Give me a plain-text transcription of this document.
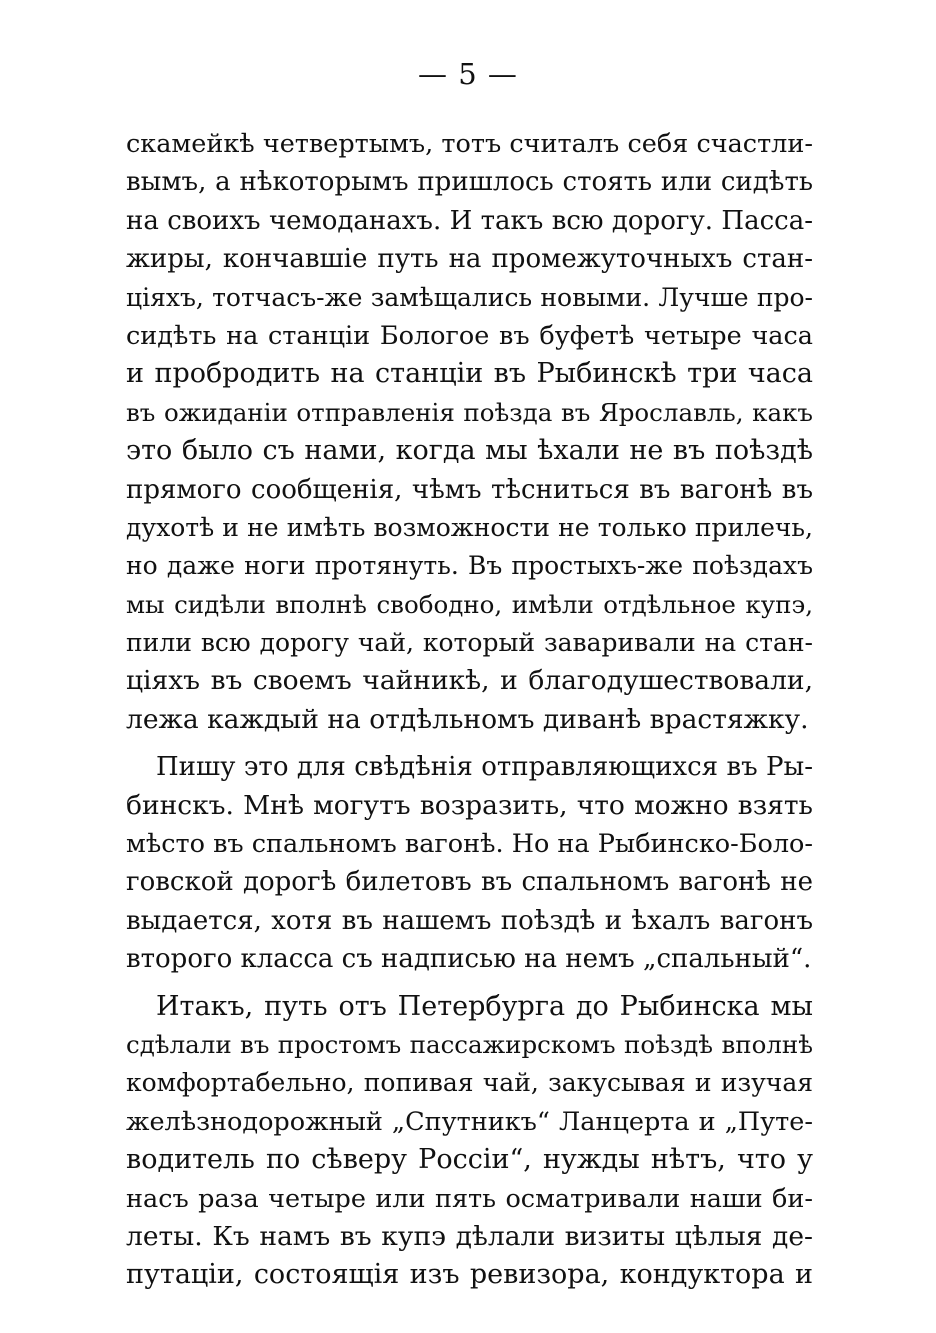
— 5 —
скамейкѣ четвертымъ, тотъ считалъ себя счастли-
вымъ, а нѣкоторымъ пришлось стоять или сидѣть
на своихъ чемоданахъ. И такъ всю дорогу. Пасса-
жиры, кончавшіе путь на промежуточныхъ стан-
ціяхъ, тотчасъ-же замѣщались новыми. Лучше про-
сидѣть на станціи Бологое въ буфетѣ четыре часа
и пробродить на станціи въ Рыбинскѣ три часа
въ ожиданіи отправленія поѣзда въ Ярославль, какъ
это было съ нами, когда мы ѣхали не въ поѣздѣ
прямого сообщенія, чѣмъ тѣсниться въ вагонѣ въ
духотѣ и не имѣть возможности не только прилечь,
но даже ноги протянуть. Въ простыхъ-же поѣздахъ
мы сидѣли вполнѣ свободно, имѣли отдѣльное купэ,
пили всю дорогу чай, который заваривали на стан-
ціяхъ въ своемъ чайникѣ, и благодушествовали,
лежа каждый на отдѣльномъ диванѣ врастяжку.
Пишу это для свѣдѣнія отправляющихся въ Ры-
бинскъ. Мнѣ могутъ возразить, что можно взять
мѣсто въ спальномъ вагонѣ. Но на Рыбинско-Боло-
говской дорогѣ билетовъ въ спальномъ вагонѣ не
выдается, хотя въ нашемъ поѣздѣ и ѣхалъ вагонъ
второго класса съ надписью на немъ „спальный“.
Итакъ, путь отъ Петербурга до Рыбинска мы
сдѣлали въ простомъ пассажирскомъ поѣздѣ вполнѣ
комфортабельно, попивая чай, закусывая и изучая
желѣзнодорожный „Спутникъ“ Ланцерта и „Путе-
водитель по сѣверу Россіи“, нужды нѣтъ, что у
насъ раза четыре или пять осматривали наши би-
леты. Къ намъ въ купэ дѣлали визиты цѣлыя де-
путаціи, состоящія изъ ревизора, кондуктора и
